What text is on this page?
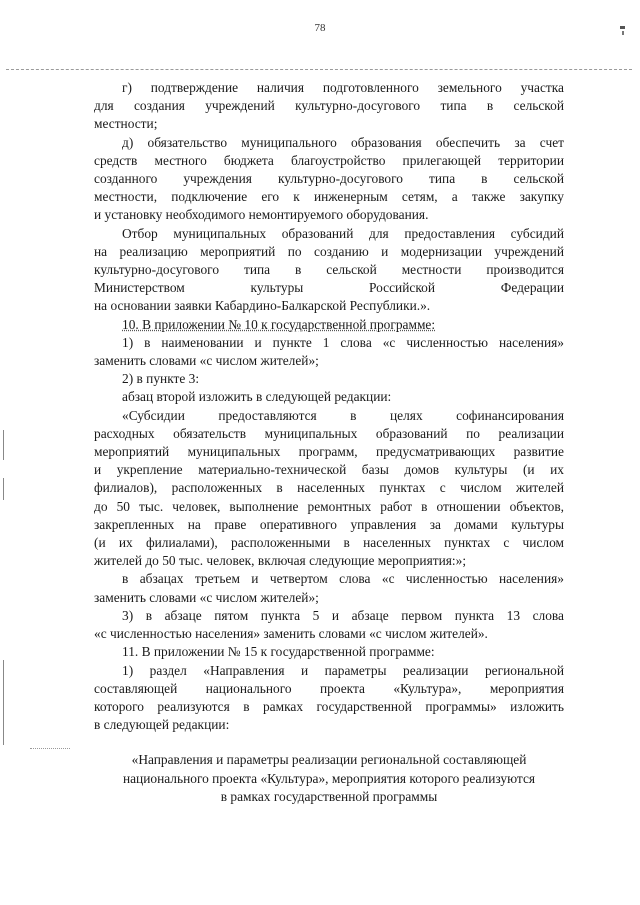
78

г) подтверждение наличия подготовленного земельного участка
для создания учреждений культурно-досугового типа в сельской
местности;

д) обязательство муниципального образования обеспечить за счет
средств местного бюджета благоустройство прилегающей территории
созданного учреждения культурно-досугового типа в сельской
местности, подключение его к инженерным сетям, а также закупку
и установку необходимого немонтируемого оборудования.

Отбор муниципальных образований для предоставления субсидий
на реализацию мероприятий по созданию и модернизации учреждений
культурно-досугового типа в сельской местности производится
Министерством культуры Российской Федерации
на основании заявки Кабардино-Балкарской Республики.».

10. В приложении № 10 к государственной программе:

1) в наименовании и пункте 1 слова «с численностью населения»
заменить словами «с числом жителей»;

2) в пункте 3:

абзац второй изложить в следующей редакции:

«Субсидии предоставляются в целях софинансирования
расходных обязательств муниципальных образований по реализации
мероприятий муниципальных программ, предусматривающих развитие
и укрепление материально-технической базы домов культуры (и их
филиалов), расположенных в населенных пунктах с числом жителей
до 50 тыс. человек, выполнение ремонтных работ в отношении объектов,
закрепленных на праве оперативного управления за домами культуры
(и их филиалами), расположенными в населенных пунктах с числом
жителей до 50 тыс. человек, включая следующие мероприятия:»;

в абзацах третьем и четвертом слова «с численностью населения»
заменить словами «с числом жителей»;

3) в абзаце пятом пункта 5 и абзаце первом пункта 13 слова
«с численностью населения» заменить словами «с числом жителей».

11. В приложении № 15 к государственной программе:

1) раздел «Направления и параметры реализации региональной
составляющей национального проекта «Культура», мероприятия
которого реализуются в рамках государственной программы» изложить
в следующей редакции:

«Направления и параметры реализации региональной составляющей
национального проекта «Культура», мероприятия которого реализуются
в рамках государственной программы
